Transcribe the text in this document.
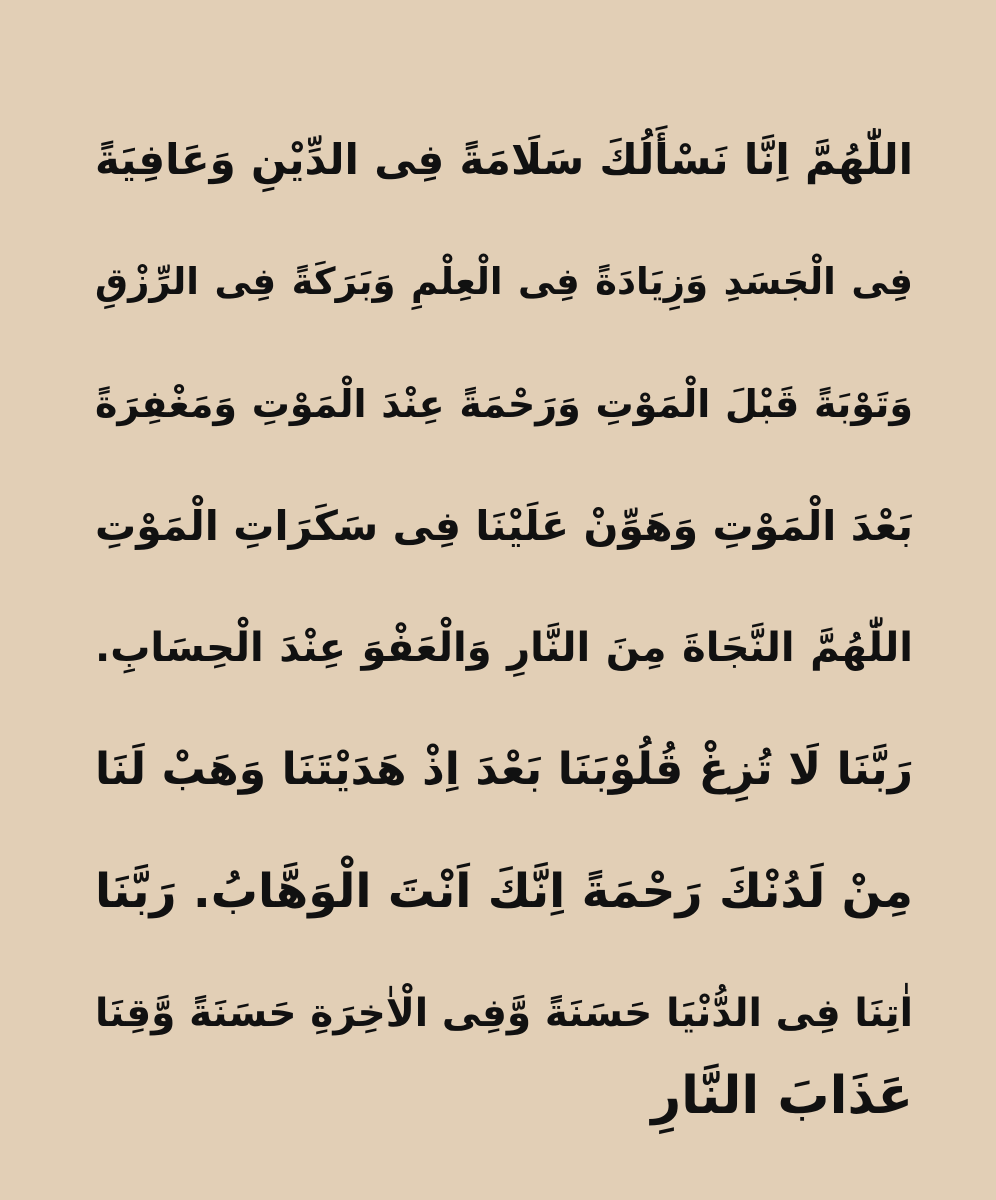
اللّٰهُمَّ اِنَّا نَسْأَلُكَ سَلَامَةً فِى الدِّيْنِ وَعَافِيَةً
فِى الْجَسَدِ وَزِيَادَةً فِى الْعِلْمِ وَبَرَكَةً فِى الرِّزْقِ
وَتَوْبَةً قَبْلَ الْمَوْتِ وَرَحْمَةً عِنْدَ الْمَوْتِ وَمَغْفِرَةً
بَعْدَ الْمَوْتِ وَهَوِّنْ عَلَيْنَا فِى سَكَرَاتِ الْمَوْتِ
اللّٰهُمَّ النَّجَاةَ مِنَ النَّارِ وَالْعَفْوَ عِنْدَ الْحِسَابِ.
رَبَّنَا لَا تُزِغْ قُلُوْبَنَا بَعْدَ اِذْ هَدَيْتَنَا وَهَبْ لَنَا
مِنْ لَدُنْكَ رَحْمَةً اِنَّكَ اَنْتَ الْوَهَّابُ. رَبَّنَا
اٰتِنَا فِى الدُّنْيَا حَسَنَةً وَّفِى الْاٰخِرَةِ حَسَنَةً وَّقِنَا
عَذَابَ النَّارِ
